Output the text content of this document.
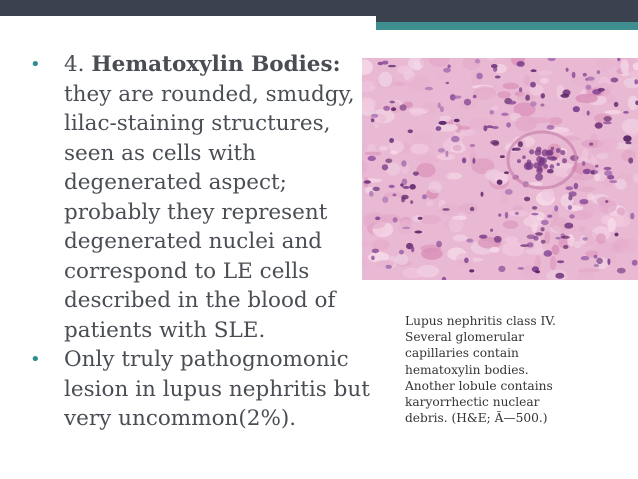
• 4. Hematoxylin Bodies:
they are rounded, smudgy,
lilac-staining structures,
seen as cells with
degenerated aspect;
probably they represent
degenerated nuclei and
correspond to LE cells
described in the blood of
patients with SLE.
• Only truly pathognomonic
lesion in lupus nephritis but
very uncommon(2%).
Lupus nephritis class IV.
Several glomerular
capillaries contain
hematoxylin bodies.
Another lobule contains
karyorrhectic nuclear
debris. (H&E; Ã—500.)
